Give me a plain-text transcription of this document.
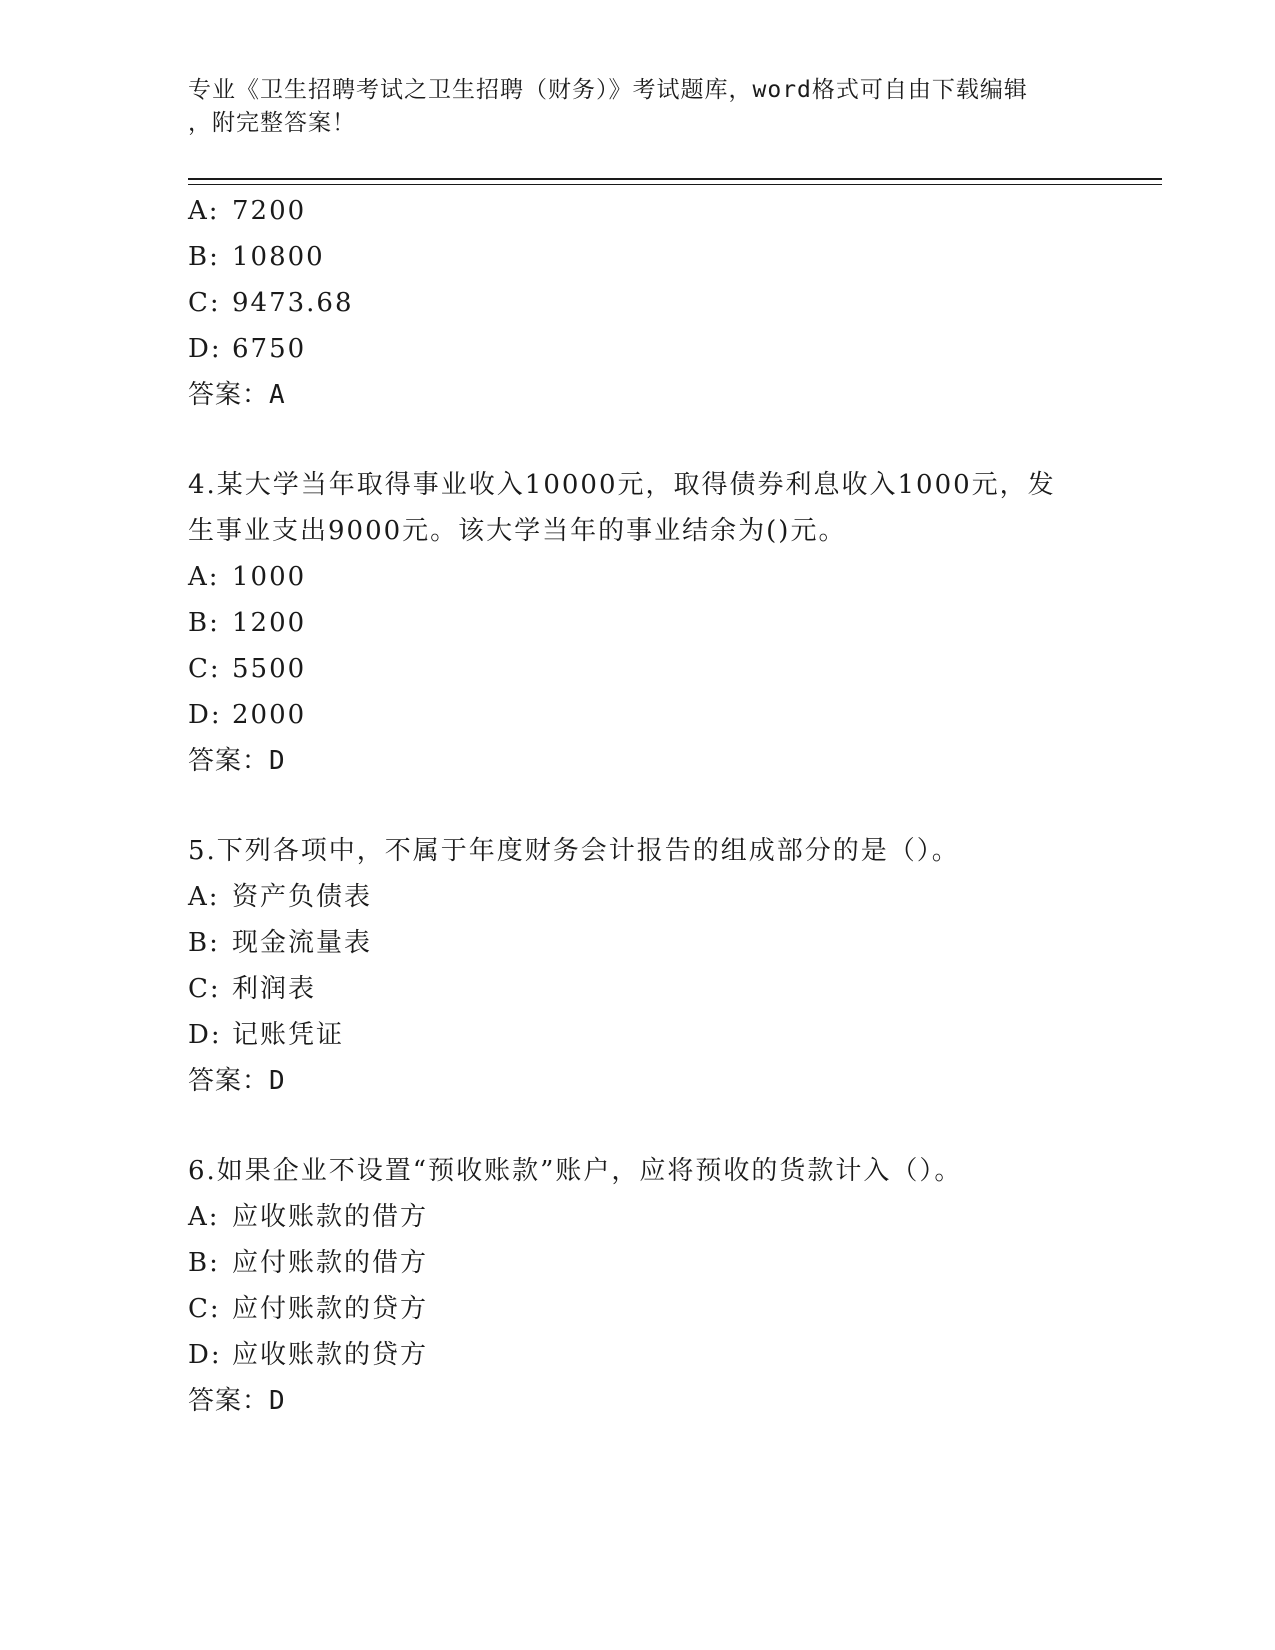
专业《卫生招聘考试之卫生招聘（财务）》考试题库，word格式可自由下载编辑
，附完整答案！
A: 7200
B: 10800
C: 9473.68
D: 6750
答案：A
4.某大学当年取得事业收入10000元，取得债券利息收入1000元，发
生事业支出9000元。该大学当年的事业结余为()元。
A: 1000
B: 1200
C: 5500
D: 2000
答案：D
5.下列各项中，不属于年度财务会计报告的组成部分的是（）。
A: 资产负债表
B: 现金流量表
C: 利润表
D: 记账凭证
答案：D
6.如果企业不设置“预收账款”账户，应将预收的货款计入（）。
A: 应收账款的借方
B: 应付账款的借方
C: 应付账款的贷方
D: 应收账款的贷方
答案：D
